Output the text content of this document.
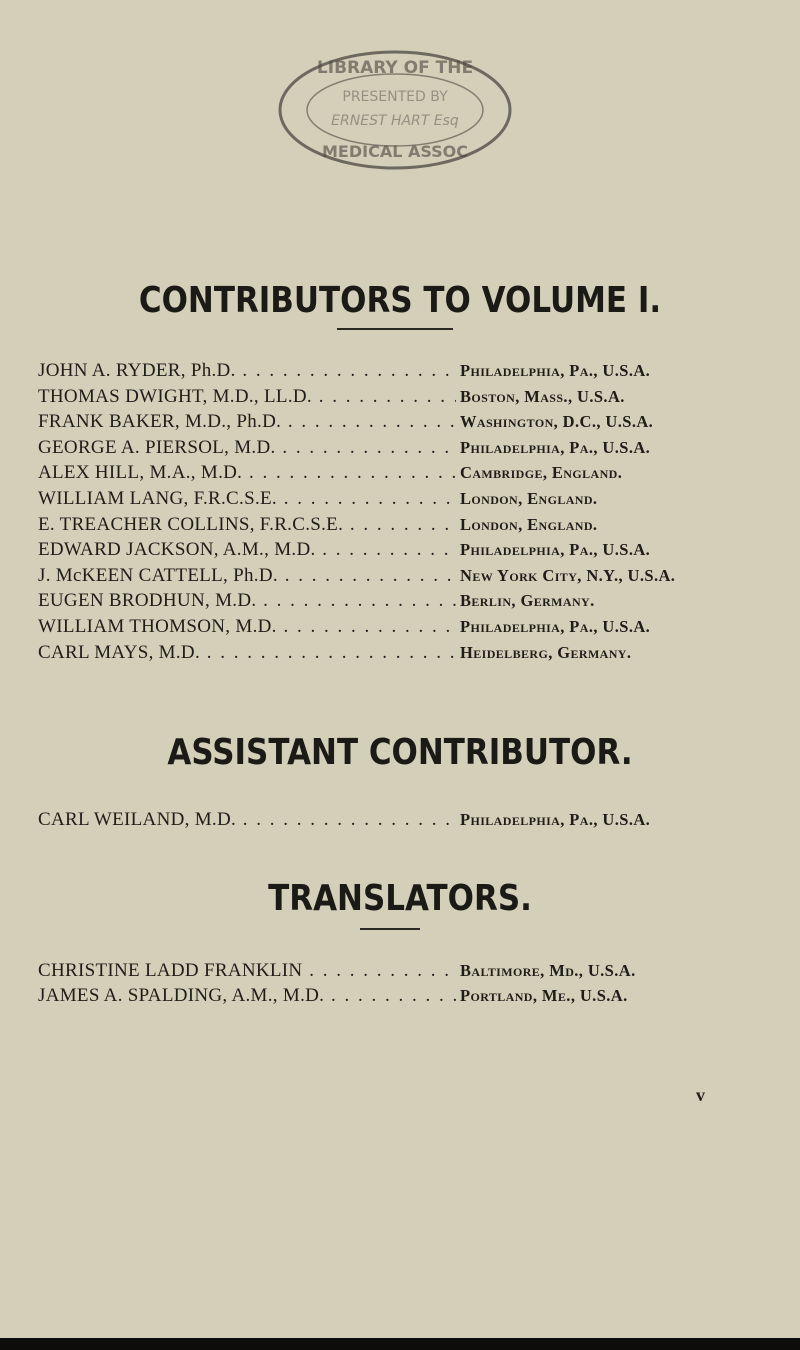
LIBRARY OF THE
PRESENTED BY
ERNEST HART Esq
MEDICAL ASSOC
CONTRIBUTORS TO VOLUME I.
JOHN A. RYDER, Ph.D. . . .	Philadelphia, Pa., U.S.A.
THOMAS DWIGHT, M.D., LL.D. . . .	Boston, Mass., U.S.A.
FRANK BAKER, M.D., Ph.D. . . .	Washington, D.C., U.S.A.
GEORGE A. PIERSOL, M.D. . . .	Philadelphia, Pa., U.S.A.
ALEX HILL, M.A., M.D. . . .	Cambridge, England.
WILLIAM LANG, F.R.C.S.E. . . .	London, England.
E. TREACHER COLLINS, F.R.C.S.E. . . .	London, England.
EDWARD JACKSON, A.M., M.D. . . .	Philadelphia, Pa., U.S.A.
J. McKEEN CATTELL, Ph.D. . . .	New York City, N.Y., U.S.A.
EUGEN BRODHUN, M.D. . . .	Berlin, Germany.
WILLIAM THOMSON, M.D. . . .	Philadelphia, Pa., U.S.A.
CARL MAYS, M.D. . . .	Heidelberg, Germany.
ASSISTANT CONTRIBUTOR.
CARL WEILAND, M.D. . . .	Philadelphia, Pa., U.S.A.
TRANSLATORS.
CHRISTINE LADD FRANKLIN . . .	Baltimore, Md., U.S.A.
JAMES A. SPALDING, A.M., M.D. . . .	Portland, Me., U.S.A.
v
